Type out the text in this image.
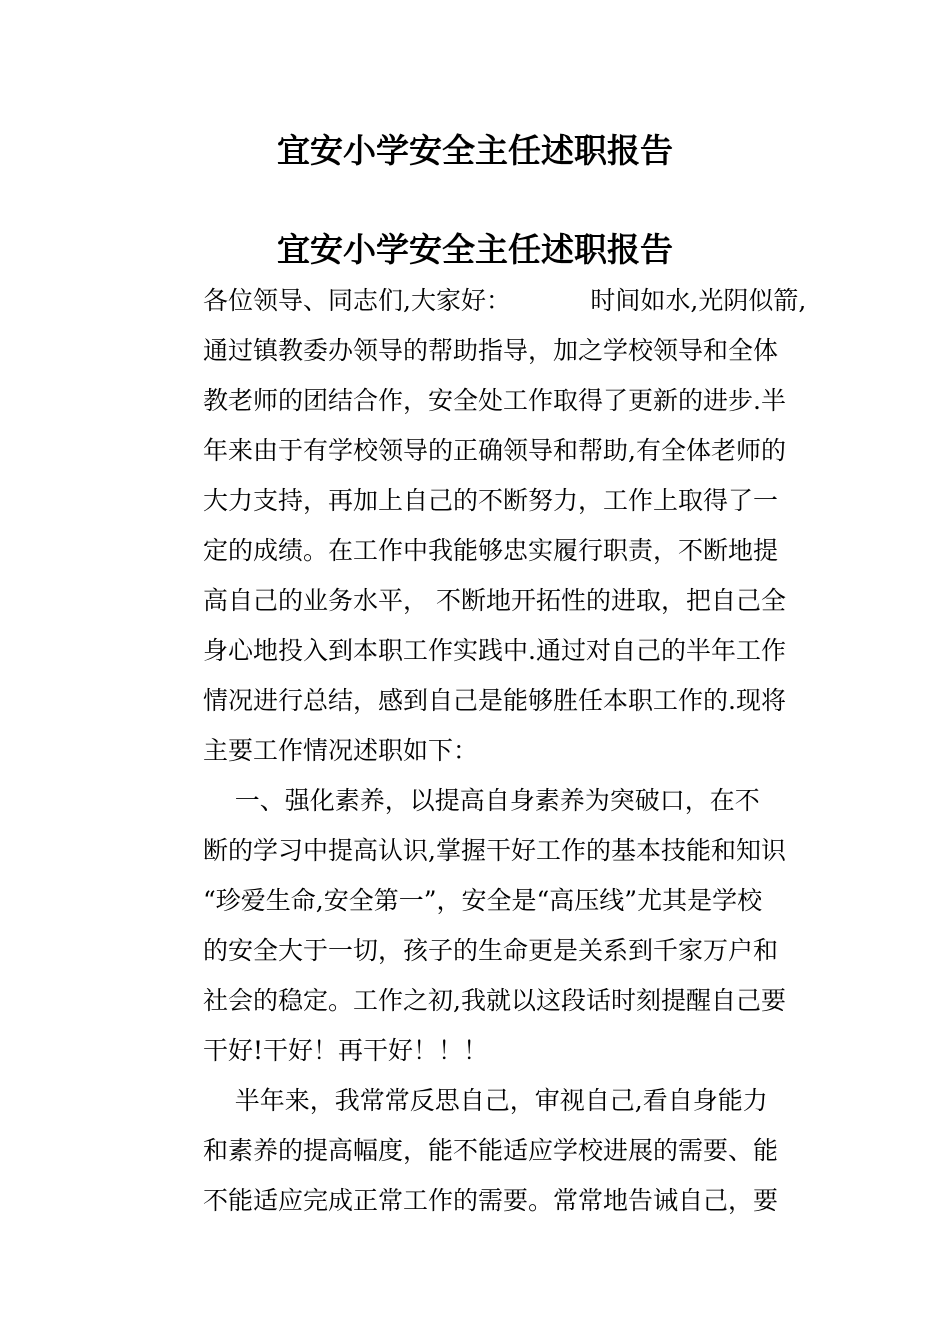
宜安小学安全主任述职报告
宜安小学安全主任述职报告

各位领导、同志们,大家好：          时间如水,光阴似箭,

通过镇教委办领导的帮助指导，加之学校领导和全体

教老师的团结合作，安全处工作取得了更新的进步.半

年来由于有学校领导的正确领导和帮助,有全体老师的

大力支持，再加上自己的不断努力，工作上取得了一

定的成绩。在工作中我能够忠实履行职责，不断地提

高自己的业务水平， 不断地开拓性的进取，把自己全

身心地投入到本职工作实践中.通过对自己的半年工作

情况进行总结，感到自己是能够胜任本职工作的.现将

主要工作情况述职如下：

一、强化素养，以提高自身素养为突破口，在不

断的学习中提高认识,掌握干好工作的基本技能和知识

“珍爱生命,安全第一”，安全是“高压线”尤其是学校

的安全大于一切，孩子的生命更是关系到千家万户和

社会的稳定。工作之初,我就以这段话时刻提醒自己要

干好!干好！再干好！！！

半年来，我常常反思自己，审视自己,看自身能力

和素养的提高幅度，能不能适应学校进展的需要、能

不能适应完成正常工作的需要。常常地告诫自己，要
